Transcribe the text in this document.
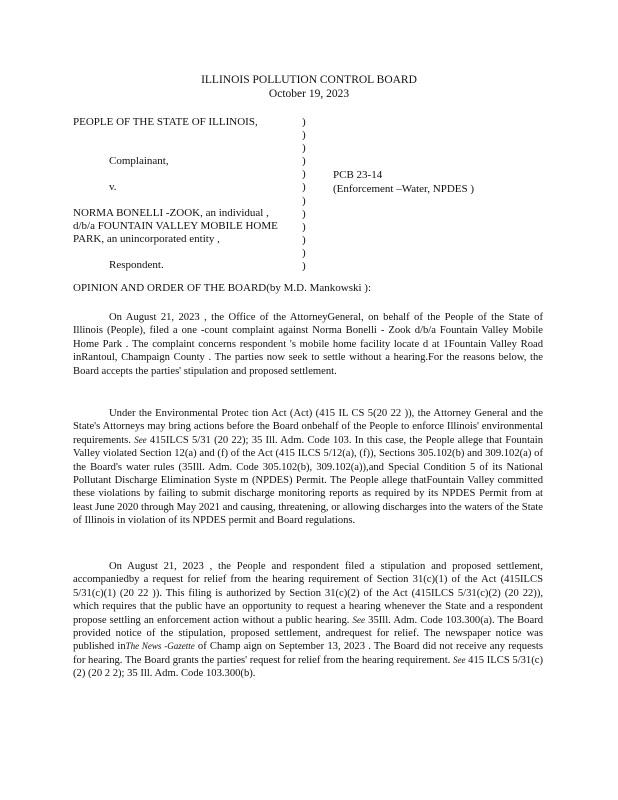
ILLINOIS POLLUTION CONTROL BOARD
October 19, 2023
PEOPLE OF THE STATE OF ILLINOIS,
Complainant,
v.
NORMA BONELLI -ZOOK, an individual ,
d/b/a FOUNTAIN VALLEY MOBILE HOME
PARK, an unincorporated entity ,
Respondent.
)
)
)
)
)
)
)
)
)
)
)
)
PCB 23-14
(Enforcement –Water, NPDES )
OPINION AND ORDER OF THE BOARD(by M.D. Mankowski ):

On August 21, 2023 , the Office of the AttorneyGeneral, on behalf of the People of the State of Illinois (People), filed a one -count complaint against Norma Bonelli - Zook d/b/a Fountain Valley Mobile Home Park . The complaint concerns respondent 's mobile home facility locate d at 1Fountain Valley Road inRantoul, Champaign County . The parties now seek to settle without a hearing.For the reasons below, the Board accepts the parties' stipulation and proposed settlement.

Under the Environmental Protec tion Act (Act) (415 IL CS 5(20 22 )), the Attorney General and the State's Attorneys may bring actions before the Board onbehalf of the People to enforce Illinois' environmental requirements. See 415ILCS 5/31 (20 22); 35 Ill. Adm. Code 103. In this case, the People allege that Fountain Valley violated Section 12(a) and (f) of the Act (415 ILCS 5/12(a), (f)), Sections 305.102(b) and 309.102(a) of the Board's water rules (35Ill. Adm. Code 305.102(b), 309.102(a)),and Special Condition 5 of its National Pollutant Discharge Elimination Syste m (NPDES) Permit. The People allege thatFountain Valley committed these violations by failing to submit discharge monitoring reports as required by its NPDES Permit from at least June 2020 through May 2021 and causing, threatening, or allowing discharges into the waters of the State of Illinois in violation of its NPDES permit and Board regulations.

On August 21, 2023 , the People and respondent filed a stipulation and proposed settlement, accompaniedby a request for relief from the hearing requirement of Section 31(c)(1) of the Act (415ILCS 5/31(c)(1) (20 22 )). This filing is authorized by Section 31(c)(2) of the Act (415ILCS 5/31(c)(2) (20 22)), which requires that the public have an opportunity to request a hearing whenever the State and a respondent propose settling an enforcement action without a public hearing. See 35Ill. Adm. Code 103.300(a). The Board provided notice of the stipulation, proposed settlement, andrequest for relief. The newspaper notice was published inThe News -Gazette of Champ aign on September 13, 2023 . The Board did not receive any requests for hearing. The Board grants the parties' request for relief from the hearing requirement. See 415 ILCS 5/31(c)(2) (20 2 2); 35 Ill. Adm. Code 103.300(b).
